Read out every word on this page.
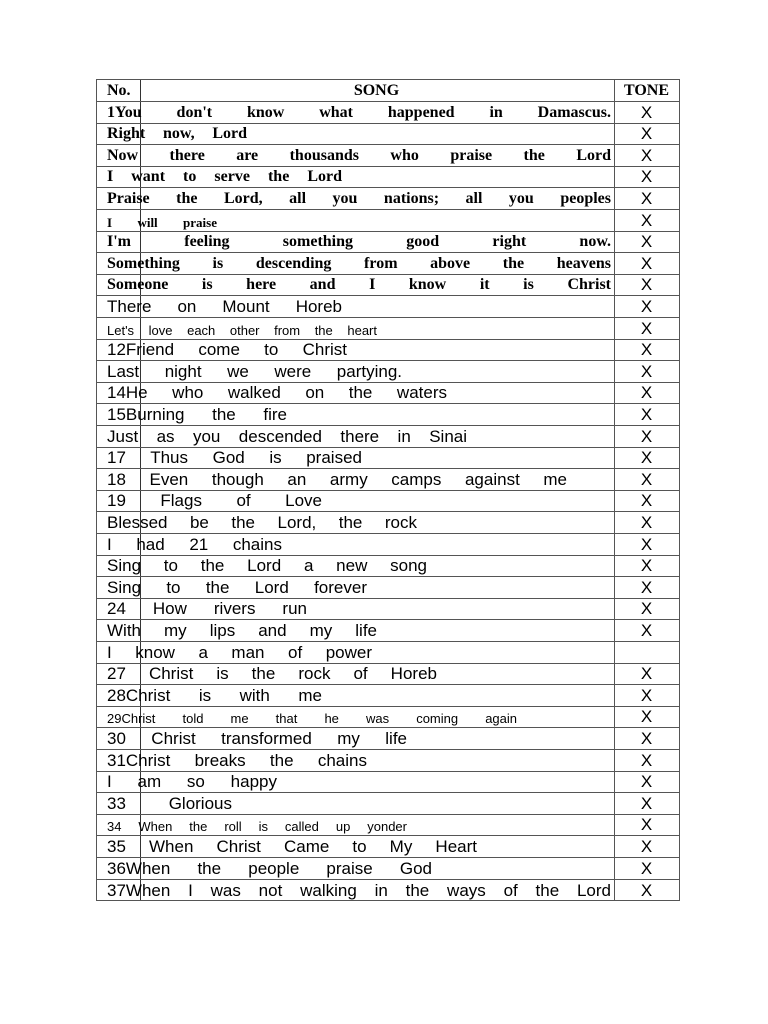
No.	SONG	TONE
1You don't know what happened in Damascus.	X
Right now, Lord	X
Now there are thousands who praise the Lord	X
I want to serve the Lord	X
Praise the Lord, all you nations; all you peoples	X
I will praise	X
I'm feeling something good right now.	X
Something is descending from above the heavens	X
Someone is here and I know it is Christ	X
There on Mount Horeb	X
Let's love each other from the heart	X
12Friend come to Christ	X
Last night we were partying.	X
14He who walked on the waters	X
15Burning the fire	X
Just as you descended there in Sinai	X
17 Thus God is praised	X
18 Even though an army camps against me	X
19 Flags of Love	X
Blessed be the Lord, the rock	X
I had 21 chains	X
Sing to the Lord a new song	X
Sing to the Lord forever	X
24 How rivers run	X
With my lips and my life	X
I know a man of power
27 Christ is the rock of Horeb	X
28Christ is with me	X
29Christ told me that he was coming again	X
30 Christ transformed my life	X
31Christ breaks the chains	X
I am so happy	X
33 Glorious	X
34 When the roll is called up yonder	X
35 When Christ Came to My Heart	X
36When the people praise God	X
37When I was not walking in the ways of the Lord	X
